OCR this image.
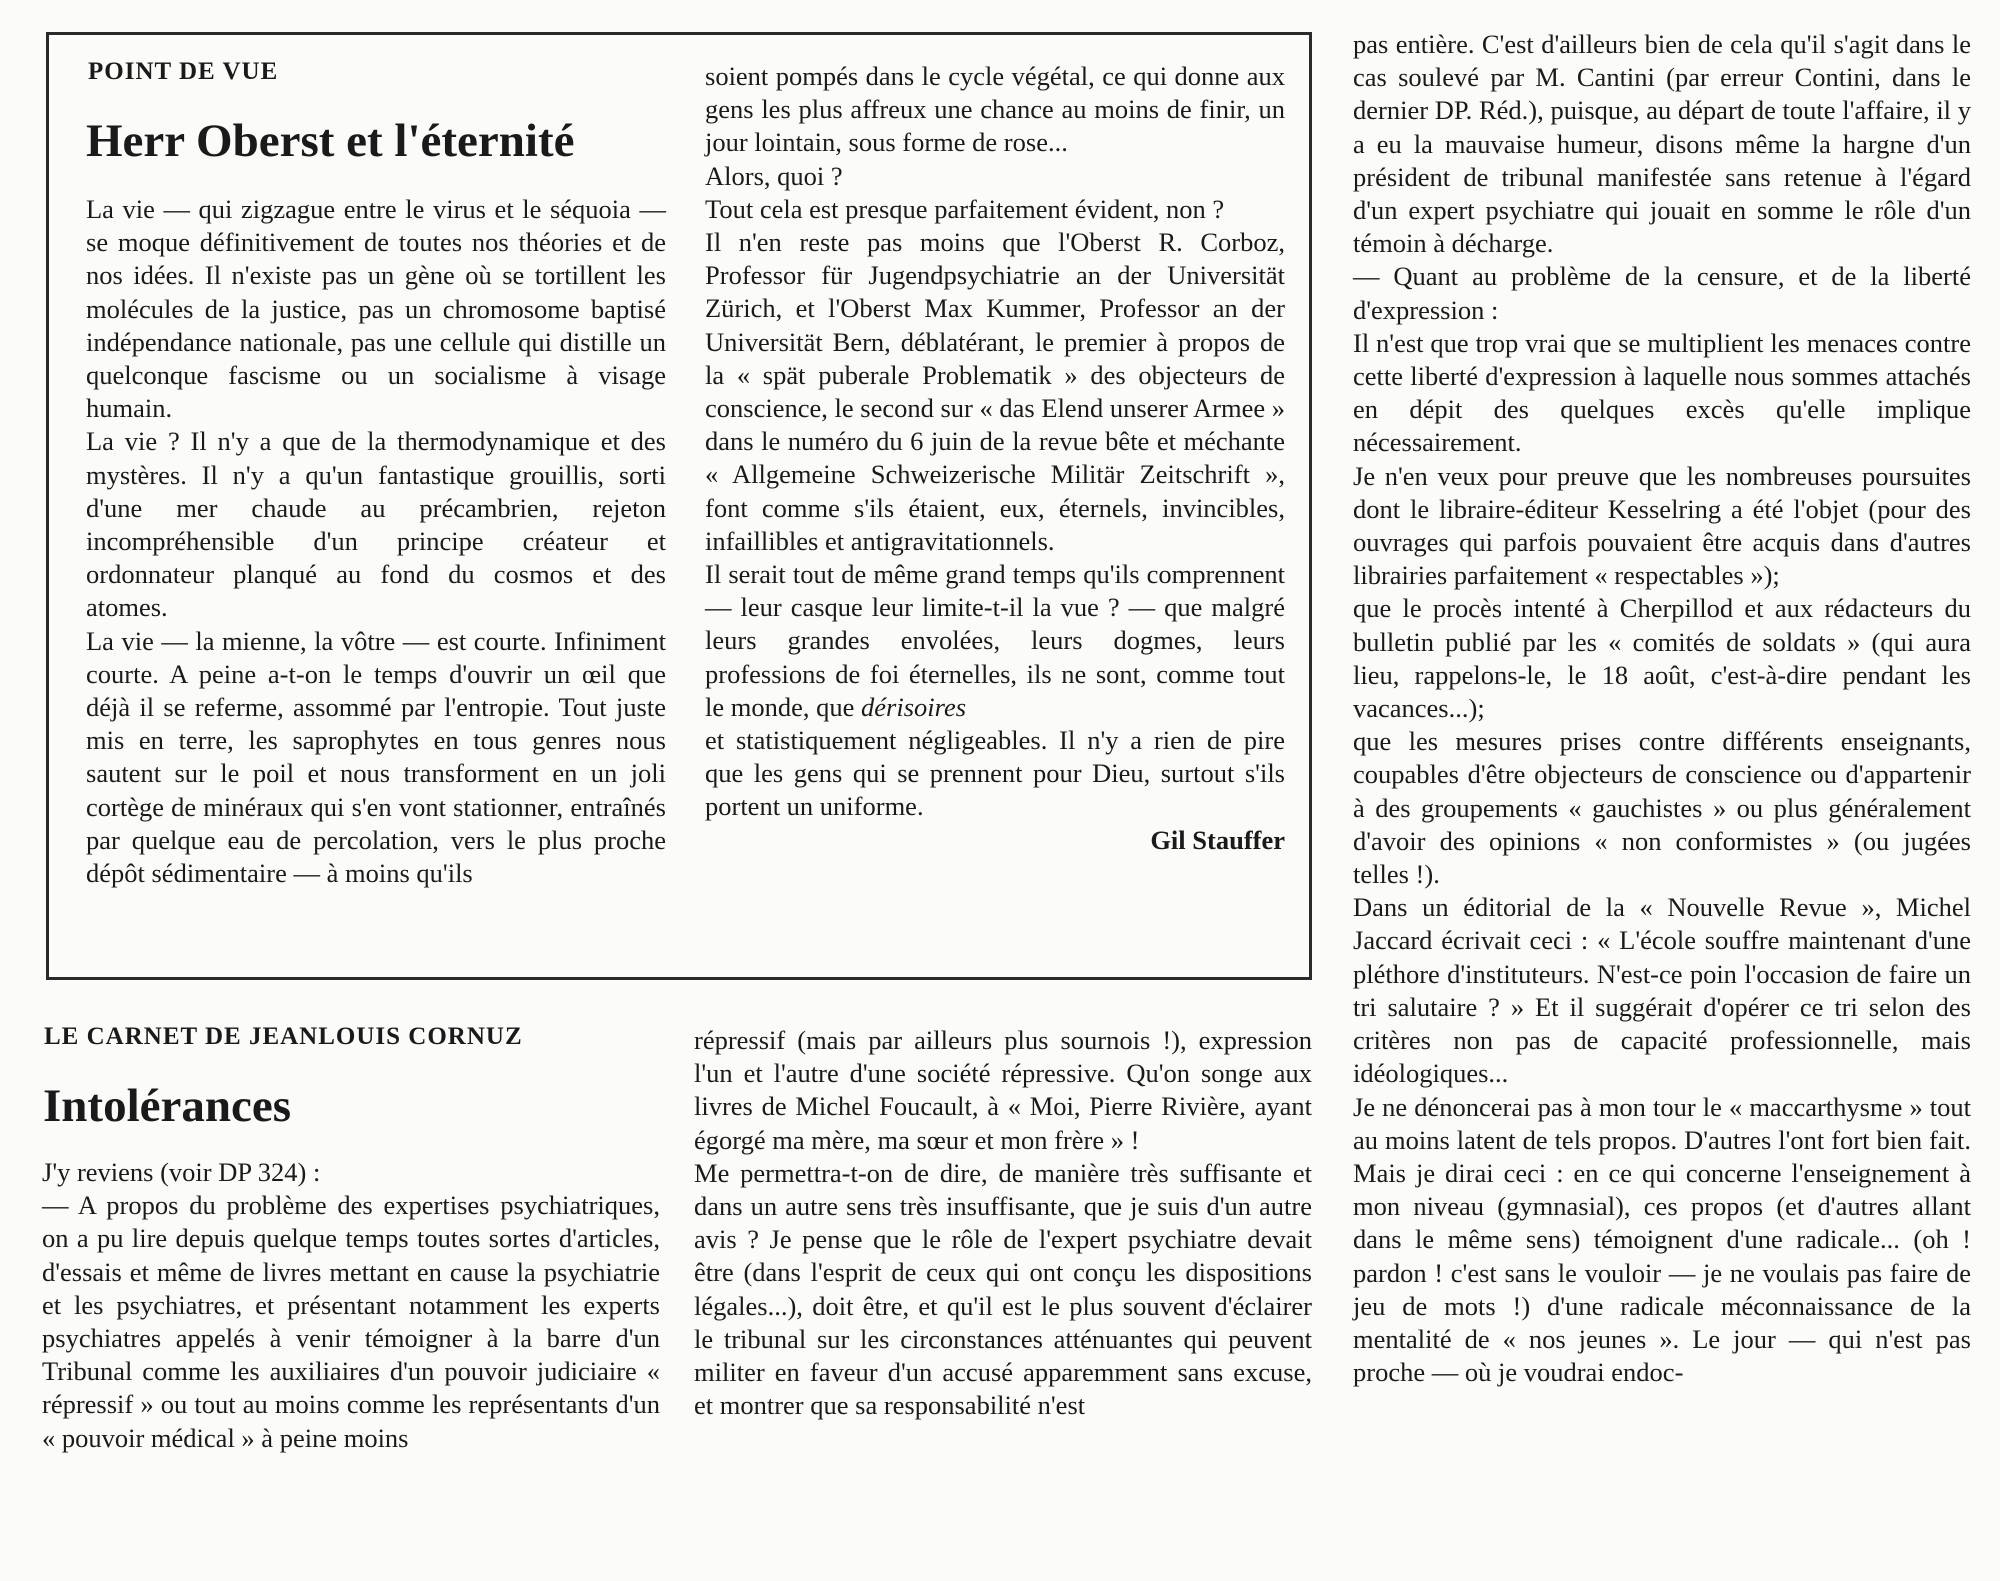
POINT DE VUE
Herr Oberst et l'éternité

La vie — qui zigzague entre le virus et le séquoia — se moque définitivement de toutes nos théories et de nos idées. Il n'existe pas un gène où se tortillent les molécules de la justice, pas un chromosome baptisé indépendance nationale, pas une cellule qui distille un quelconque fascisme ou un socialisme à visage humain.

La vie ? Il n'y a que de la thermodynamique et des mystères. Il n'y a qu'un fantastique grouillis, sorti d'une mer chaude au précambrien, rejeton incompréhensible d'un principe créateur et ordonnateur planqué au fond du cosmos et des atomes.

La vie — la mienne, la vôtre — est courte. Infiniment courte. A peine a-t-on le temps d'ouvrir un œil que déjà il se referme, assommé par l'entropie. Tout juste mis en terre, les saprophytes en tous genres nous sautent sur le poil et nous transforment en un joli cortège de minéraux qui s'en vont stationner, entraînés par quelque eau de percolation, vers le plus proche dépôt sédimentaire — à moins qu'ils

soient pompés dans le cycle végétal, ce qui donne aux gens les plus affreux une chance au moins de finir, un jour lointain, sous forme de rose...

Alors, quoi ?

Tout cela est presque parfaitement évident, non ?

Il n'en reste pas moins que l'Oberst R. Corboz, Professor für Jugendpsychiatrie an der Universität Zürich, et l'Oberst Max Kummer, Professor an der Universität Bern, déblatérant, le premier à propos de la « spät puberale Problematik » des objecteurs de conscience, le second sur « das Elend unserer Armee » dans le numéro du 6 juin de la revue bête et méchante « Allgemeine Schweizerische Militär Zeitschrift », font comme s'ils étaient, eux, éternels, invincibles, infaillibles et antigravitationnels.

Il serait tout de même grand temps qu'ils comprennent — leur casque leur limite-t-il la vue ? — que malgré leurs grandes envolées, leurs dogmes, leurs professions de foi éternelles, ils ne sont, comme tout le monde, que dérisoires

et statistiquement négligeables. Il n'y a rien de pire que les gens qui se prennent pour Dieu, surtout s'ils portent un uniforme.

Gil Stauffer

LE CARNET DE JEANLOUIS CORNUZ
Intolérances

J'y reviens (voir DP 324) :

— A propos du problème des expertises psychiatriques, on a pu lire depuis quelque temps toutes sortes d'articles, d'essais et même de livres mettant en cause la psychiatrie et les psychiatres, et présentant notamment les experts psychiatres appelés à venir témoigner à la barre d'un Tribunal comme les auxiliaires d'un pouvoir judiciaire « répressif » ou tout au moins comme les représentants d'un « pouvoir médical » à peine moins

répressif (mais par ailleurs plus sournois !), expression l'un et l'autre d'une société répressive. Qu'on songe aux livres de Michel Foucault, à « Moi, Pierre Rivière, ayant égorgé ma mère, ma sœur et mon frère » !

Me permettra-t-on de dire, de manière très suffisante et dans un autre sens très insuffisante, que je suis d'un autre avis ? Je pense que le rôle de l'expert psychiatre devait être (dans l'esprit de ceux qui ont conçu les dispositions légales...), doit être, et qu'il est le plus souvent d'éclairer le tribunal sur les circonstances atténuantes qui peuvent militer en faveur d'un accusé apparemment sans excuse, et montrer que sa responsabilité n'est

pas entière. C'est d'ailleurs bien de cela qu'il s'agit dans le cas soulevé par M. Cantini (par erreur Contini, dans le dernier DP. Réd.), puisque, au départ de toute l'affaire, il y a eu la mauvaise humeur, disons même la hargne d'un président de tribunal manifestée sans retenue à l'égard d'un expert psychiatre qui jouait en somme le rôle d'un témoin à décharge.

— Quant au problème de la censure, et de la liberté d'expression :

Il n'est que trop vrai que se multiplient les menaces contre cette liberté d'expression à laquelle nous sommes attachés en dépit des quelques excès qu'elle implique nécessairement.

Je n'en veux pour preuve que les nombreuses poursuites dont le libraire-éditeur Kesselring a été l'objet (pour des ouvrages qui parfois pouvaient être acquis dans d'autres librairies parfaitement « respectables »);

que le procès intenté à Cherpillod et aux rédacteurs du bulletin publié par les « comités de soldats » (qui aura lieu, rappelons-le, le 18 août, c'est-à-dire pendant les vacances...);

que les mesures prises contre différents enseignants, coupables d'être objecteurs de conscience ou d'appartenir à des groupements « gauchistes » ou plus généralement d'avoir des opinions « non conformistes » (ou jugées telles !).

Dans un éditorial de la « Nouvelle Revue », Michel Jaccard écrivait ceci : « L'école souffre maintenant d'une pléthore d'instituteurs. N'est-ce poin l'occasion de faire un tri salutaire ? » Et il suggérait d'opérer ce tri selon des critères non pas de capacité professionnelle, mais idéologiques...

Je ne dénoncerai pas à mon tour le « maccarthysme » tout au moins latent de tels propos. D'autres l'ont fort bien fait. Mais je dirai ceci : en ce qui concerne l'enseignement à mon niveau (gymnasial), ces propos (et d'autres allant dans le même sens) témoignent d'une radicale... (oh ! pardon ! c'est sans le vouloir — je ne voulais pas faire de jeu de mots !) d'une radicale méconnaissance de la mentalité de « nos jeunes ». Le jour — qui n'est pas proche — où je voudrai endoc-
